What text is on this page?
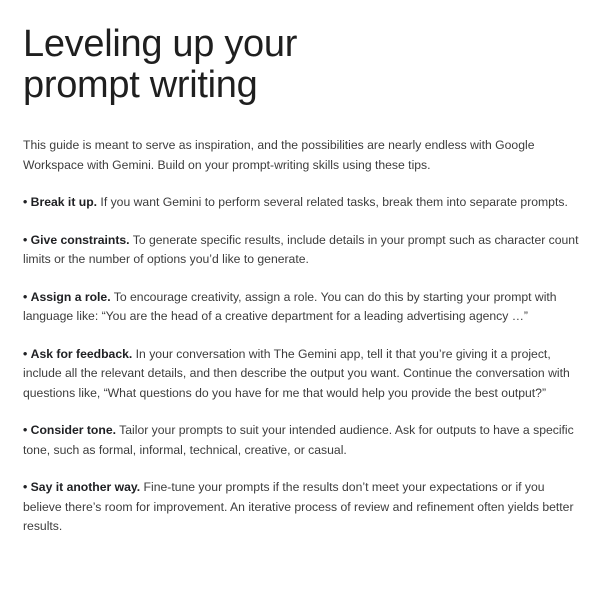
Leveling up your
prompt writing

This guide is meant to serve as inspiration, and the possibilities are nearly endless with Google Workspace with Gemini. Build on your prompt-writing skills using these tips.

• Break it up. If you want Gemini to perform several related tasks, break them into separate prompts.
• Give constraints. To generate specific results, include details in your prompt such as character count limits or the number of options you’d like to generate.
• Assign a role. To encourage creativity, assign a role. You can do this by starting your prompt with language like: “You are the head of a creative department for a leading advertising agency …”
• Ask for feedback. In your conversation with The Gemini app, tell it that you’re giving it a project, include all the relevant details, and then describe the output you want. Continue the conversation with questions like, “What questions do you have for me that would help you provide the best output?”
• Consider tone. Tailor your prompts to suit your intended audience. Ask for outputs to have a specific tone, such as formal, informal, technical, creative, or casual.
• Say it another way. Fine-tune your prompts if the results don’t meet your expectations or if you believe there’s room for improvement. An iterative process of review and refinement often yields better results.
